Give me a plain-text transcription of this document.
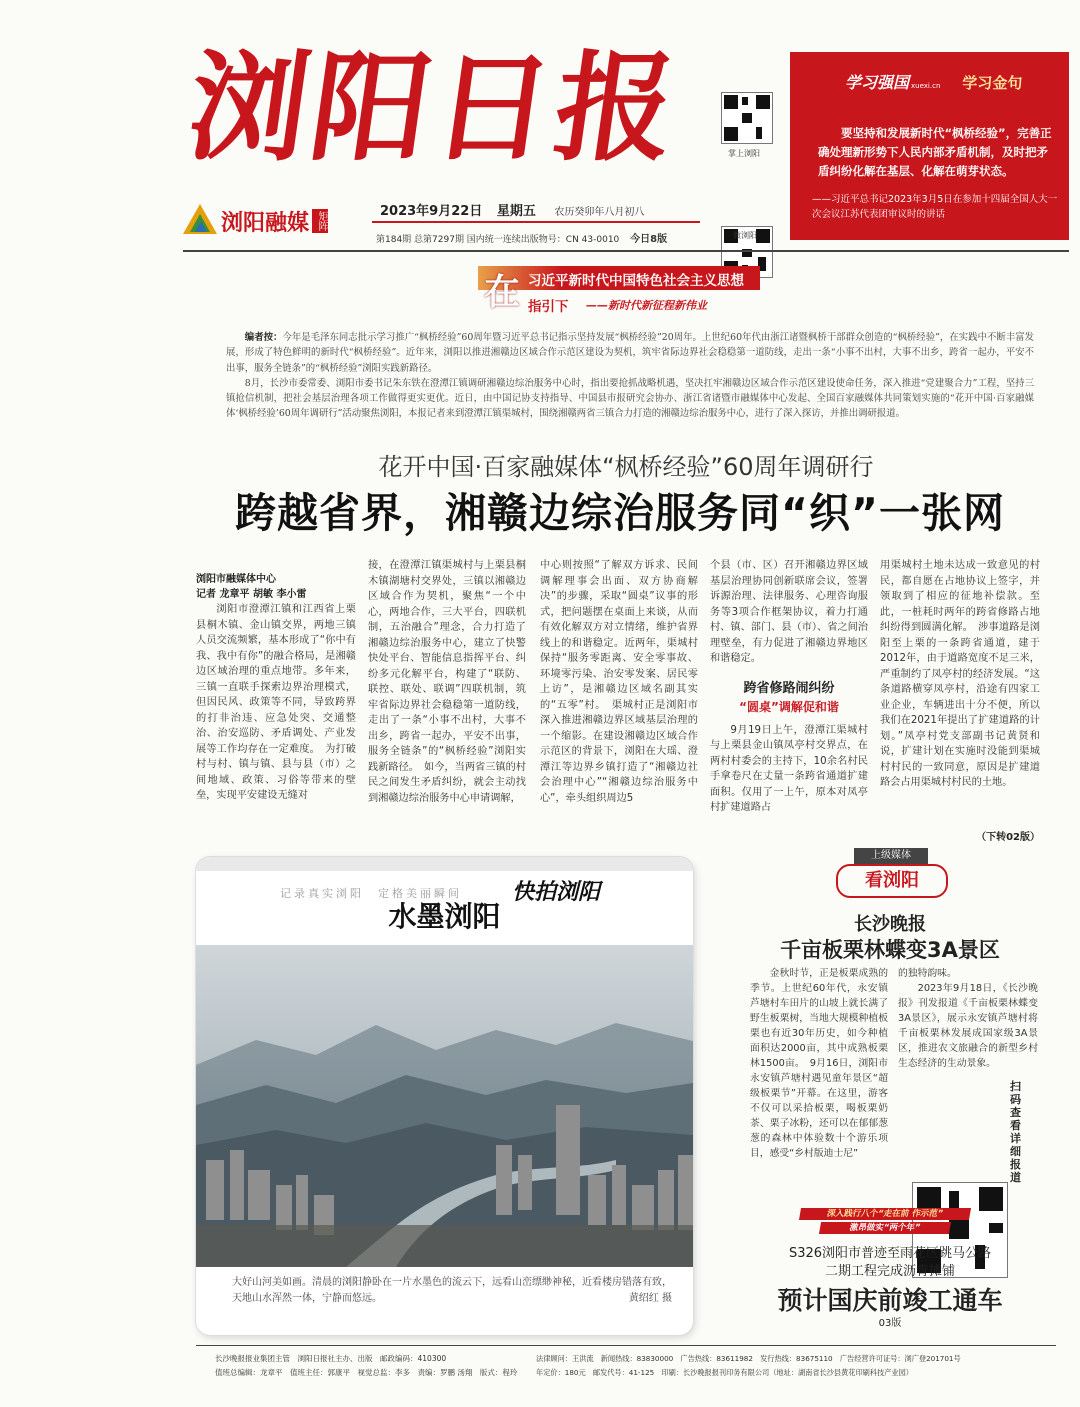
浏阳日报
浏阳融媒 矩阵	2023年9月22日 星期五 农历癸卯年八月初八
第184期 总第7297期 国内统一连续出版物号：CN 43-0010 今日8版
掌上浏阳
微浏阳
学习强国 xuexi.cn 学习金句
要坚持和发展新时代“枫桥经验”，完善正确处理新形势下人民内部矛盾机制，及时把矛盾纠纷化解在基层、化解在萌芽状态。
——习近平总书记2023年3月5日在参加十四届全国人大一次会议江苏代表团审议时的讲话
在 习近平新时代中国特色社会主义思想
指引下 ——新时代新征程新伟业
编者按：今年是毛泽东同志批示学习推广“枫桥经验”60周年暨习近平总书记指示坚持发展“枫桥经验”20周年。上世纪60年代由浙江诸暨枫桥干部群众创造的“枫桥经验”，在实践中不断丰富发展，形成了特色鲜明的新时代“枫桥经验”。近年来，浏阳以推进湘赣边区域合作示范区建设为契机，筑牢省际边界社会稳稳第一道防线，走出一条“小事不出村，大事不出乡，跨省一起办，平安不出事，服务全链条”的“枫桥经验”浏阳实践新路径。
8月，长沙市委常委、浏阳市委书记朱东铁在澄潭江镇调研湘赣边综治服务中心时，指出要抢抓战略机遇，坚决扛牢湘赣边区域合作示范区建设使命任务，深入推进“党建聚合力”工程，坚持三镇抢信机制，把社会基层治理各项工作做得更实更优。近日，由中国记协支持指导、中国县市报研究会协办、浙江省诸暨市融媒体中心发起、全国百家融媒体共同策划实施的“花开中国·百家融媒体‘枫桥经验’60周年调研行”活动聚焦浏阳，本报记者来到澄潭江镇渠城村，围绕湘赣两省三镇合力打造的湘赣边综治服务中心，进行了深入探访，并推出调研报道。
花开中国·百家融媒体“枫桥经验”60周年调研行
跨越省界，湘赣边综治服务同“织”一张网
浏阳市融媒体中心
记者 龙章平 胡敏 李小雷
浏阳市澄潭江镇和江西省上栗县桐木镇、金山镇交界，两地三镇人员交流频繁，基本形成了“你中有我、我中有你”的融合格局，是湘赣边区域治理的重点地带。多年来，三镇一直联手探索边界治理模式，但因民风、政策等不同，导致跨界的打非治违、应急处突、交通整治、治安巡防、矛盾调处、产业发展等工作均存在一定难度。　为打破村与村、镇与镇、县与县（市）之间地域、政策、习俗等带来的壁垒，实现平安建设无缝对
接，在澄潭江镇渠城村与上栗县桐木镇湖塘村交界处，三镇以湘赣边区域合作为契机，聚焦“一个中心，两地合作，三大平台，四联机制，五治融合”理念，合力打造了湘赣边综治服务中心，建立了快警快处平台、智能信息指挥平台、纠纷多元化解平台，构建了“联防、联控、联处、联调”四联机制，筑牢省际边界社会稳稳第一道防线，走出了一条“小事不出村，大事不出乡，跨省一起办，平安不出事，服务全链条”的“枫桥经验”浏阳实践新路径。　如今，当两省三镇的村民之间发生矛盾纠纷，就会主动找到湘赣边综治服务中心申请调解，
中心则按照“了解双方诉求、民间调解理事会出面、双方协商解决”的步骤，采取“圆桌”议事的形式，把问题摆在桌面上来谈，从而有效化解双方对立情绪，维护省界线上的和谐稳定。近两年，渠城村保持“服务零距离、安全零事故、环境零污染、治安零发案、居民零上访”，是湘赣边区域名副其实的“五零”村。　渠城村正是浏阳市深入推进湘赣边界区域基层治理的一个缩影。在建设湘赣边区域合作示范区的背景下，浏阳在大瑶、澄潭江等边界乡镇打造了“湘赣边社会治理中心”“湘赣边综治服务中心”，牵头组织周边5
个县（市、区）召开湘赣边界区域基层治理协同创新联席会议，签署诉源治理、法律服务、心理咨询服务等3项合作框架协议，着力打通村、镇、部门、县（市）、省之间治理壁垒，有力促进了湘赣边界地区和谐稳定。
跨省修路闹纠纷
“圆桌”调解促和谐
9月19日上午，澄潭江渠城村与上栗县金山镇凤亭村交界点，在两村村委会的主持下，10余名村民手拿卷尺在丈量一条跨省通道扩建面积。仅用了一上午，原本对凤亭村扩建道路占
用渠城村土地未达成一致意见的村民，都自愿在占地协议上签字，并领取到了相应的征地补偿款。至此，一桩耗时两年的跨省修路占地纠纷得到圆满化解。　涉事道路是浏阳至上栗的一条跨省通道，建于2012年，由于道路宽度不足三米，严重制约了凤亭村的经济发展。“这条道路横穿凤亭村，沿途有四家工业企业，车辆进出十分不便，所以我们在2021年提出了扩建道路的计划。”凤亭村党支部副书记黄贤和说，扩建计划在实施时没能到渠城村村民的一致同意，原因是扩建道路会占用渠城村村民的土地。
（下转02版）
记录真实浏阳　定格美丽瞬间 快拍浏阳
水墨浏阳
大好山河美如画。清晨的浏阳静卧在一片水墨色的流云下，远看山峦缥缈神秘，近看楼房错落有致，天地山水浑然一体，宁静而悠远。	黄绍红 摄
上级媒体
看浏阳
长沙晚报
千亩板栗林蝶变3A景区
金秋时节，正是板栗成熟的季节。上世纪60年代，永安镇芦塘村车田片的山坡上就长满了野生板栗树，当地大规模种植板栗也有近30年历史，如今种植面积达2000亩，其中成熟板栗林1500亩。　9月16日，浏阳市永安镇芦塘村遇见童年景区“超级板栗节”开幕。在这里，游客不仅可以采拾板栗，喝板栗奶茶、栗子冰粉，还可以在郁郁葱葱的森林中体验数十个游乐项目，感受“乡村版迪士尼”
的独特韵味。
2023年9月18日，《长沙晚报》刊发报道《千亩板栗林蝶变3A景区》，展示永安镇芦塘村将千亩板栗林发展成国家级3A景区，推进农文旅融合的新型乡村生态经济的生动景象。
扫码查看详细报道
深入践行八个“走在前 作示范”
激昂做实“两个年”
S326浏阳市普迹至雨花区跳马公路
二期工程完成沥青摊铺
预计国庆前竣工通车
03版
长沙晚报报业集团主管　浏阳日报社主办、出版　邮政编码：410300
值班总编辑：龙章平　值班主任：郭康平　视觉总监：李多　责编：罗鹏 汤翔　版式：程玲
法律顾问：王洪流　新闻热线：83830000　广告热线：83611982　发行热线：83675110　广告经营许可证号：浏广登201701号
年定价：180元　邮发代号：41-125　印刷：长沙晚报报刊印务有限公司（地址：湖南省长沙县黄花印刷科技产业园）
